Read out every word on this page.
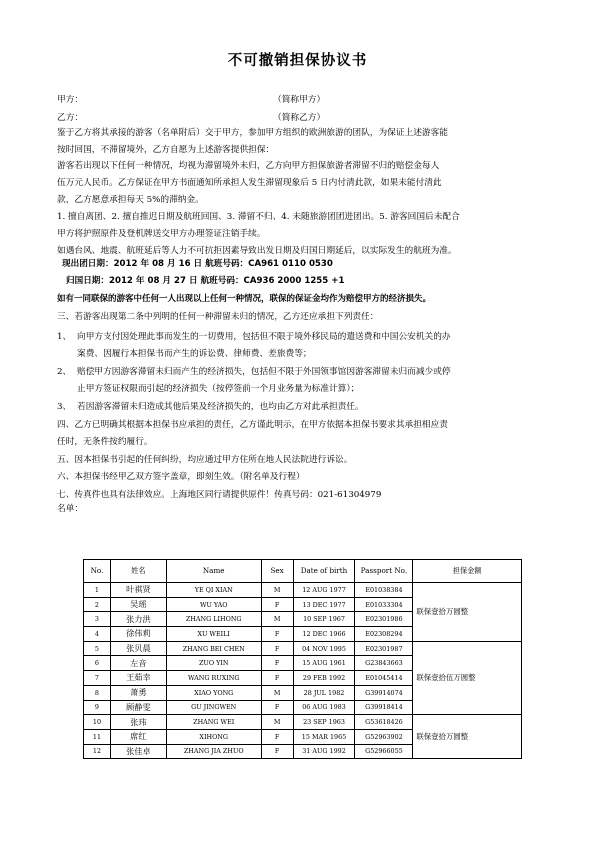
不可撤销担保协议书
甲方：	（简称甲方）
乙方：	（简称乙方）
鉴于乙方将其承接的游客（名单附后）交于甲方，参加甲方组织的欧洲旅游的团队，为保证上述游客能
按时回国，不滞留境外，乙方自愿为上述游客提供担保：
游客若出现以下任何一种情况，均视为滞留境外未归，乙方向甲方担保旅游者滞留不归的赔偿金每人
伍万元人民币。乙方保证在甲方书面通知所承担人发生滞留现象后 5 日内付清此款，如果未能付清此
款，乙方愿意承担每天 5%的滞纳金。
1. 擅自离团、2. 擅自推迟日期及航班回国、3. 滞留不归、4. 未随旅游团团进团出。5. 游客回国后未配合
甲方将护照原件及登机牌送交甲方办理签证注销手续。
如遇台风、地震、航班延后等人力不可抗拒因素导致出发日期及归国日期延后，以实际发生的航班为准。
现出团日期：2012 年 08 月 16 日 航班号码：CA961 0110 0530
归国日期：2012 年 08 月 27 日 航班号码：CA936 2000 1255 +1
如有一同联保的游客中任何一人出现以上任何一种情况，联保的保证金均作为赔偿甲方的经济损失。
三、若游客出现第二条中列明的任何一种滞留未归的情况，乙方还应承担下列责任：
1、 向甲方支付因处理此事而发生的一切费用，包括但不限于境外移民局的遣送费和中国公安机关的办
案费、因履行本担保书而产生的诉讼费、律师费、差旅费等；
2、 赔偿甲方因游客滞留未归而产生的经济损失，包括但不限于外国领事馆因游客滞留未归而减少或停
止甲方签证权限而引起的经济损失（按停签前一个月业务量为标准计算）；
3、 若因游客滞留未归造成其他后果及经济损失的，也均由乙方对此承担责任。
四、乙方已明确其根据本担保书应承担的责任，乙方谨此明示，在甲方依据本担保书要求其承担相应责
任时，无条件按约履行。
五、因本担保书引起的任何纠纷，均应通过甲方住所在地人民法院进行诉讼。
六、本担保书经甲乙双方签字盖章，即刻生效。（附名单及行程）
七、传真件也具有法律效应。上海地区同行请提供原件！传真号码：021-61304979
名单：
No.	姓名	Name	Sex	Date of birth	Passport No.	担保金额
1	叶祺贤	YE QI XIAN	M	12 AUG 1977	E01038384	联保壹拾万圆整
2	吴瑶	WU YAO	F	13 DEC 1977	E01033304	
3	张力洪	ZHANG LIHONG	M	10 SEP 1967	E02301986	
4	徐伟莉	XU WEILI	F	12 DEC 1966	E02308294	
5	张贝晨	ZHANG BEI CHEN	F	04 NOV 1995	E02301987	联保壹拾伍万圆整
6	左音	ZUO YIN	F	15 AUG 1961	G23843663	
7	王茹幸	WANG RUXING	F	29 FEB 1992	E01045414	
8	萧勇	XIAO YONG	M	28 JUL 1982	G39914074	
9	顾静雯	GU JINGWEN	F	06 AUG 1983	G39918414	
10	张玮	ZHANG WEI	M	23 SEP 1963	G53618426	联保壹拾万圆整
11	席红	XIHONG	F	15 MAR 1965	G52963902	
12	张佳卓	ZHANG JIA ZHUO	F	31 AUG 1992	G52966055	
